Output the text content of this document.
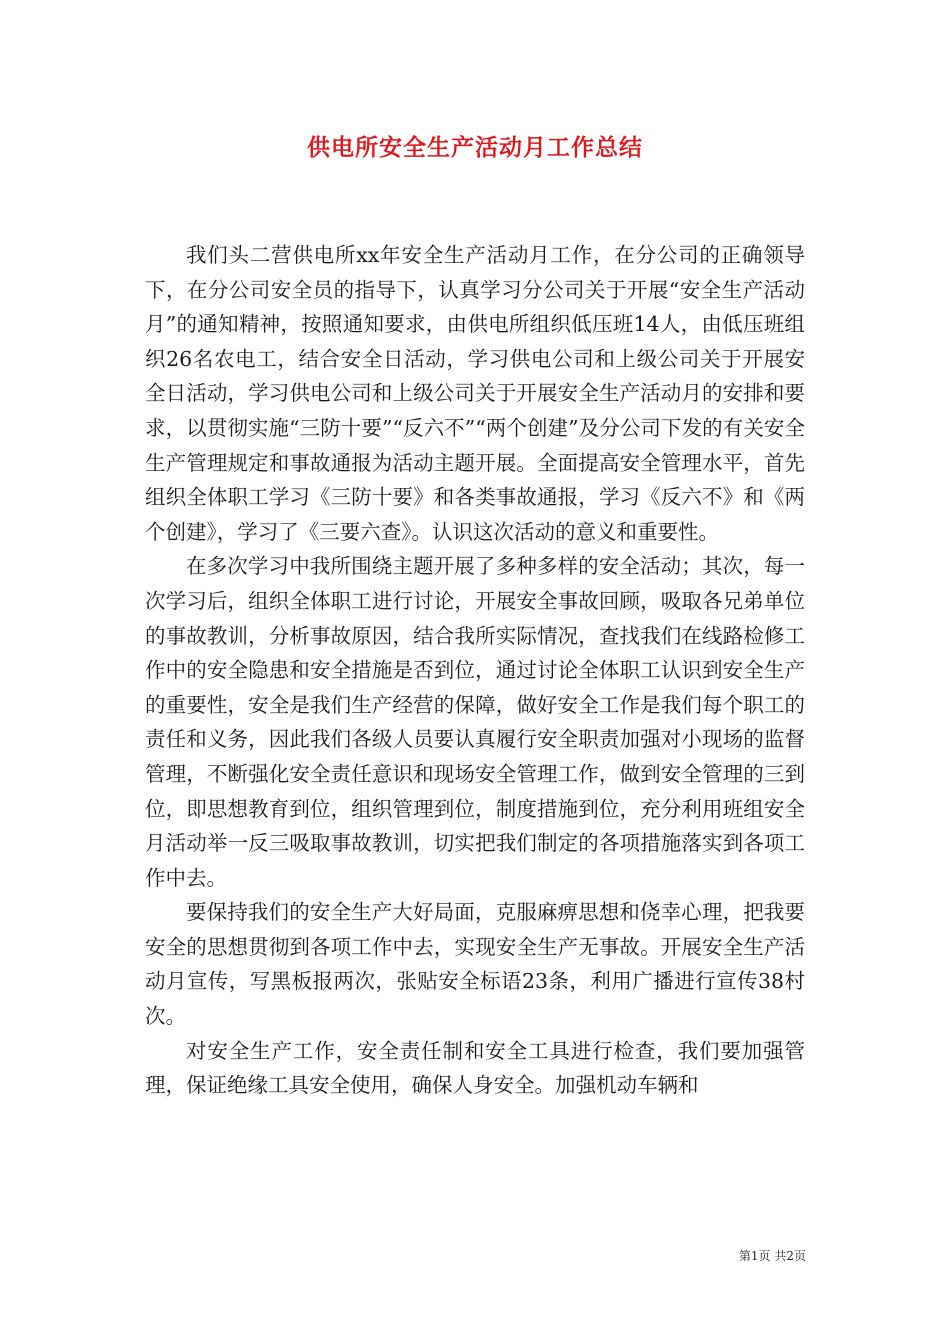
供电所安全生产活动月工作总结

我们头二营供电所xx年安全生产活动月工作，在分公司的正确领导下，在分公司安全员的指导下，认真学习分公司关于开展“安全生产活动月”的通知精神，按照通知要求，由供电所组织低压班14人，由低压班组织26名农电工，结合安全日活动，学习供电公司和上级公司关于开展安全日活动，学习供电公司和上级公司关于开展安全生产活动月的安排和要求，以贯彻实施“三防十要”“反六不”“两个创建”及分公司下发的有关安全生产管理规定和事故通报为活动主题开展。全面提高安全管理水平，首先组织全体职工学习《三防十要》和各类事故通报，学习《反六不》和《两个创建》，学习了《三要六查》。认识这次活动的意义和重要性。

在多次学习中我所围绕主题开展了多种多样的安全活动；其次，每一次学习后，组织全体职工进行讨论，开展安全事故回顾，吸取各兄弟单位的事故教训，分析事故原因，结合我所实际情况，查找我们在线路检修工作中的安全隐患和安全措施是否到位，通过讨论全体职工认识到安全生产的重要性，安全是我们生产经营的保障，做好安全工作是我们每个职工的责任和义务，因此我们各级人员要认真履行安全职责加强对小现场的监督管理，不断强化安全责任意识和现场安全管理工作，做到安全管理的三到位，即思想教育到位，组织管理到位，制度措施到位，充分利用班组安全月活动举一反三吸取事故教训，切实把我们制定的各项措施落实到各项工作中去。

要保持我们的安全生产大好局面，克服麻痹思想和侥幸心理，把我要安全的思想贯彻到各项工作中去，实现安全生产无事故。开展安全生产活动月宣传，写黑板报两次，张贴安全标语23条，利用广播进行宣传38村次。

对安全生产工作，安全责任制和安全工具进行检查，我们要加强管理，保证绝缘工具安全使用，确保人身安全。加强机动车辆和

第1页 共2页
